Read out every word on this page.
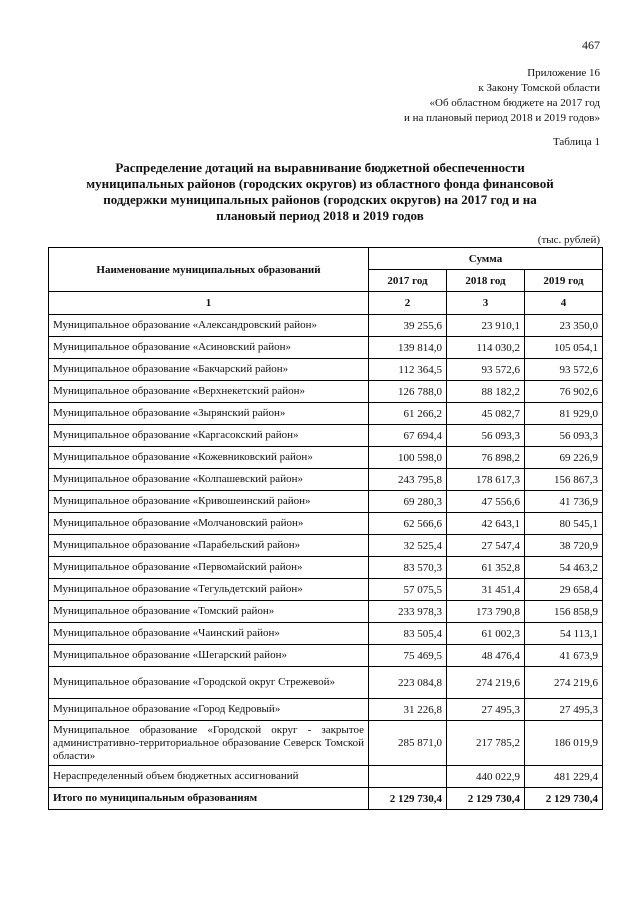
467
Приложение 16
к Закону Томской области
«Об областном бюджете на 2017 год
и на плановый период 2018 и 2019 годов»
Таблица 1
Распределение дотаций на выравнивание бюджетной обеспеченности
муниципальных районов (городских округов) из областного фонда финансовой
поддержки муниципальных районов (городских округов) на 2017 год и на
плановый период 2018 и 2019 годов
(тыс. рублей)
Наименование муниципальных образований	Сумма		
	2017 год	2018 год	2019 год
1	2	3	4
Муниципальное образование «Александровский район»	39 255,6	23 910,1	23 350,0
Муниципальное образование «Асиновский район»	139 814,0	114 030,2	105 054,1
Муниципальное образование «Бакчарский район»	112 364,5	93 572,6	93 572,6
Муниципальное образование «Верхнекетский район»	126 788,0	88 182,2	76 902,6
Муниципальное образование «Зырянский район»	61 266,2	45 082,7	81 929,0
Муниципальное образование «Каргасокский район»	67 694,4	56 093,3	56 093,3
Муниципальное образование «Кожевниковский район»	100 598,0	76 898,2	69 226,9
Муниципальное образование «Колпашевский район»	243 795,8	178 617,3	156 867,3
Муниципальное образование «Кривошеинский район»	69 280,3	47 556,6	41 736,9
Муниципальное образование «Молчановский район»	62 566,6	42 643,1	80 545,1
Муниципальное образование «Парабельский район»	32 525,4	27 547,4	38 720,9
Муниципальное образование «Первомайский район»	83 570,3	61 352,8	54 463,2
Муниципальное образование «Тегульдетский район»	57 075,5	31 451,4	29 658,4
Муниципальное образование «Томский район»	233 978,3	173 790,8	156 858,9
Муниципальное образование «Чаинский район»	83 505,4	61 002,3	54 113,1
Муниципальное образование «Шегарский район»	75 469,5	48 476,4	41 673,9
Муниципальное образование «Городской округ Стрежевой»	223 084,8	274 219,6	274 219,6
Муниципальное образование «Город Кедровый»	31 226,8	27 495,3	27 495,3
Муниципальное образование «Городской округ - закрытое административно-территориальное образование Северск Томской области»	285 871,0	217 785,2	186 019,9
Нераспределенный объем бюджетных ассигнований		440 022,9	481 229,4
Итого по муниципальным образованиям	2 129 730,4	2 129 730,4	2 129 730,4
